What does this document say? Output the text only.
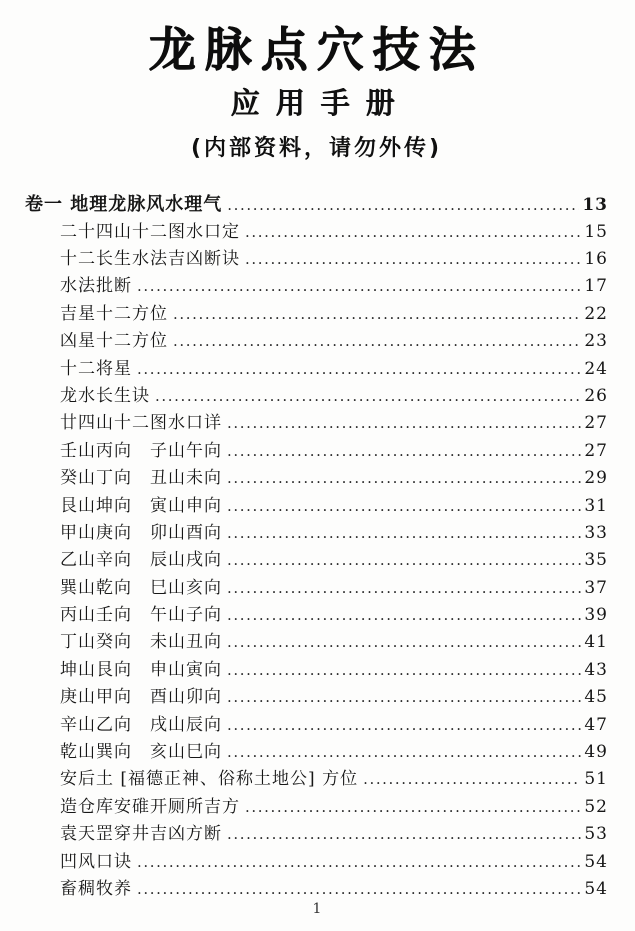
龙脉点穴技法
应用手册
(内部资料，请勿外传)
卷一 地理龙脉风水理气 .....	13
二十四山十二图水口定 .....	15
十二长生水法吉凶断诀 .....	16
水法批断 .....	17
吉星十二方位 .....	22
凶星十二方位 .....	23
十二将星 .....	24
龙水长生诀 .....	26
廿四山十二图水口详 .....	27
壬山丙向　子山午向 .....	27
癸山丁向　丑山未向 .....	29
艮山坤向　寅山申向 .....	31
甲山庚向　卯山酉向 .....	33
乙山辛向　辰山戌向 .....	35
巽山乾向　巳山亥向 .....	37
丙山壬向　午山子向 .....	39
丁山癸向　未山丑向 .....	41
坤山艮向　申山寅向 .....	43
庚山甲向　酉山卯向 .....	45
辛山乙向　戌山辰向 .....	47
乾山巽向　亥山巳向 .....	49
安后土 [福德正神、俗称土地公] 方位 .....	51
造仓库安碓开厕所吉方 .....	52
袁天罡穿井吉凶方断 .....	53
凹风口诀 .....	54
畜稠牧养 .....	54
1
